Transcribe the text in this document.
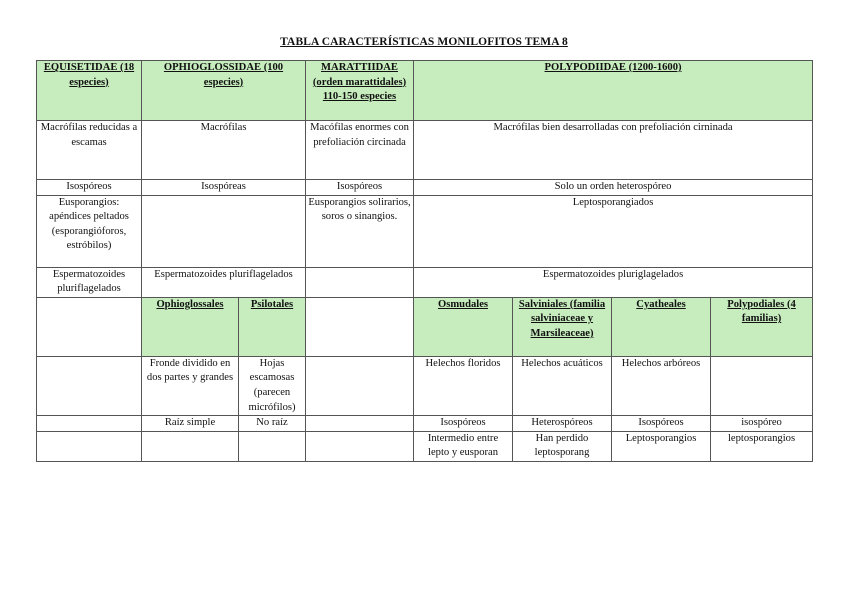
TABLA CARACTERÍSTICAS MONILOFITOS TEMA 8
EQUISETIDAE (18 especies)	OPHIOGLOSSIDAE (100 especies)		MARATTIIDAE (orden marattidales) 110-150 especies	POLYPODIIDAE (1200-1600)			
Macrófilas reducidas a escamas	Macrófilas		Macófilas enormes con prefoliación circinada	Macrófilas bien desarrolladas con prefoliación cirninada			
Isospóreos	Isospóreas		Isospóreos	Solo un orden heterospóreo			
Eusporangios: apéndices peltados (esporangióforos, estróbilos)			Eusporangios solirarios, soros o sinangios.	Leptosporangiados			
Espermatozoides pluriflagelados	Espermatozoides pluriflagelados			Espermatozoides pluriglagelados			
	Ophioglossales	Psilotales		Osmudales	Salviniales (familia salviniaceae y Marsileaceae)	Cyatheales	Polypodiales (4 familias)
	Fronde dividido en dos partes y grandes	Hojas escamosas (parecen micrófilos)		Helechos floridos	Helechos acuáticos	Helechos arbóreos	
	Raíz simple	No raíz		Isospóreos	Heterospóreos	Isospóreos	isospóreo
				Intermedio entre lepto y eusporan	Han perdido leptosporang	Leptosporangios	leptosporangios
